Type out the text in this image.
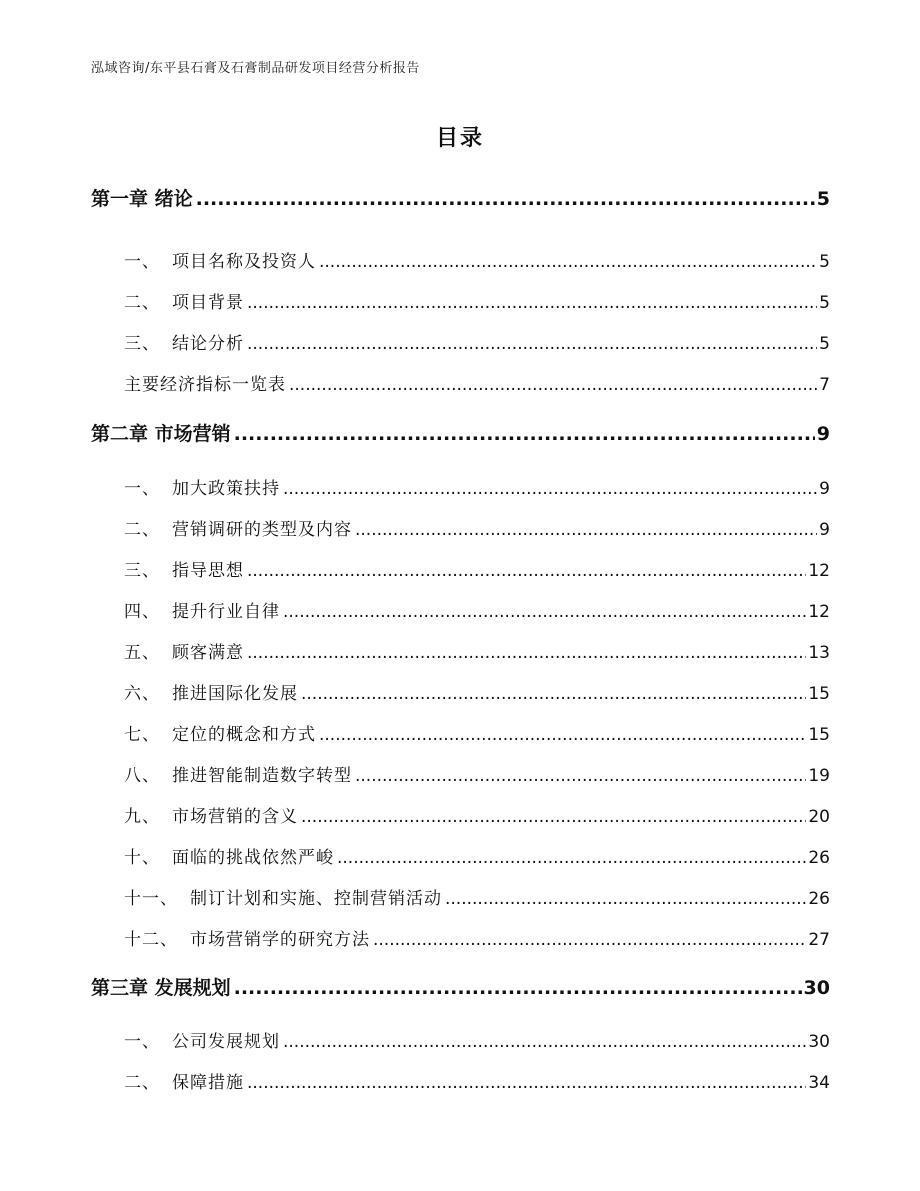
泓域咨询/东平县石膏及石膏制品研发项目经营分析报告
目录
第一章 绪论 .....	5
一、 项目名称及投资人 .....	5
二、 项目背景 .....	5
三、 结论分析 .....	5
主要经济指标一览表 .....	7
第二章 市场营销 .....	9
一、 加大政策扶持 .....	9
二、 营销调研的类型及内容 .....	9
三、 指导思想 .....	12
四、 提升行业自律 .....	12
五、 顾客满意 .....	13
六、 推进国际化发展 .....	15
七、 定位的概念和方式 .....	15
八、 推进智能制造数字转型 .....	19
九、 市场营销的含义 .....	20
十、 面临的挑战依然严峻 .....	26
十一、 制订计划和实施、控制营销活动 .....	26
十二、 市场营销学的研究方法 .....	27
第三章 发展规划 .....	30
一、 公司发展规划 .....	30
二、 保障措施 .....	34
